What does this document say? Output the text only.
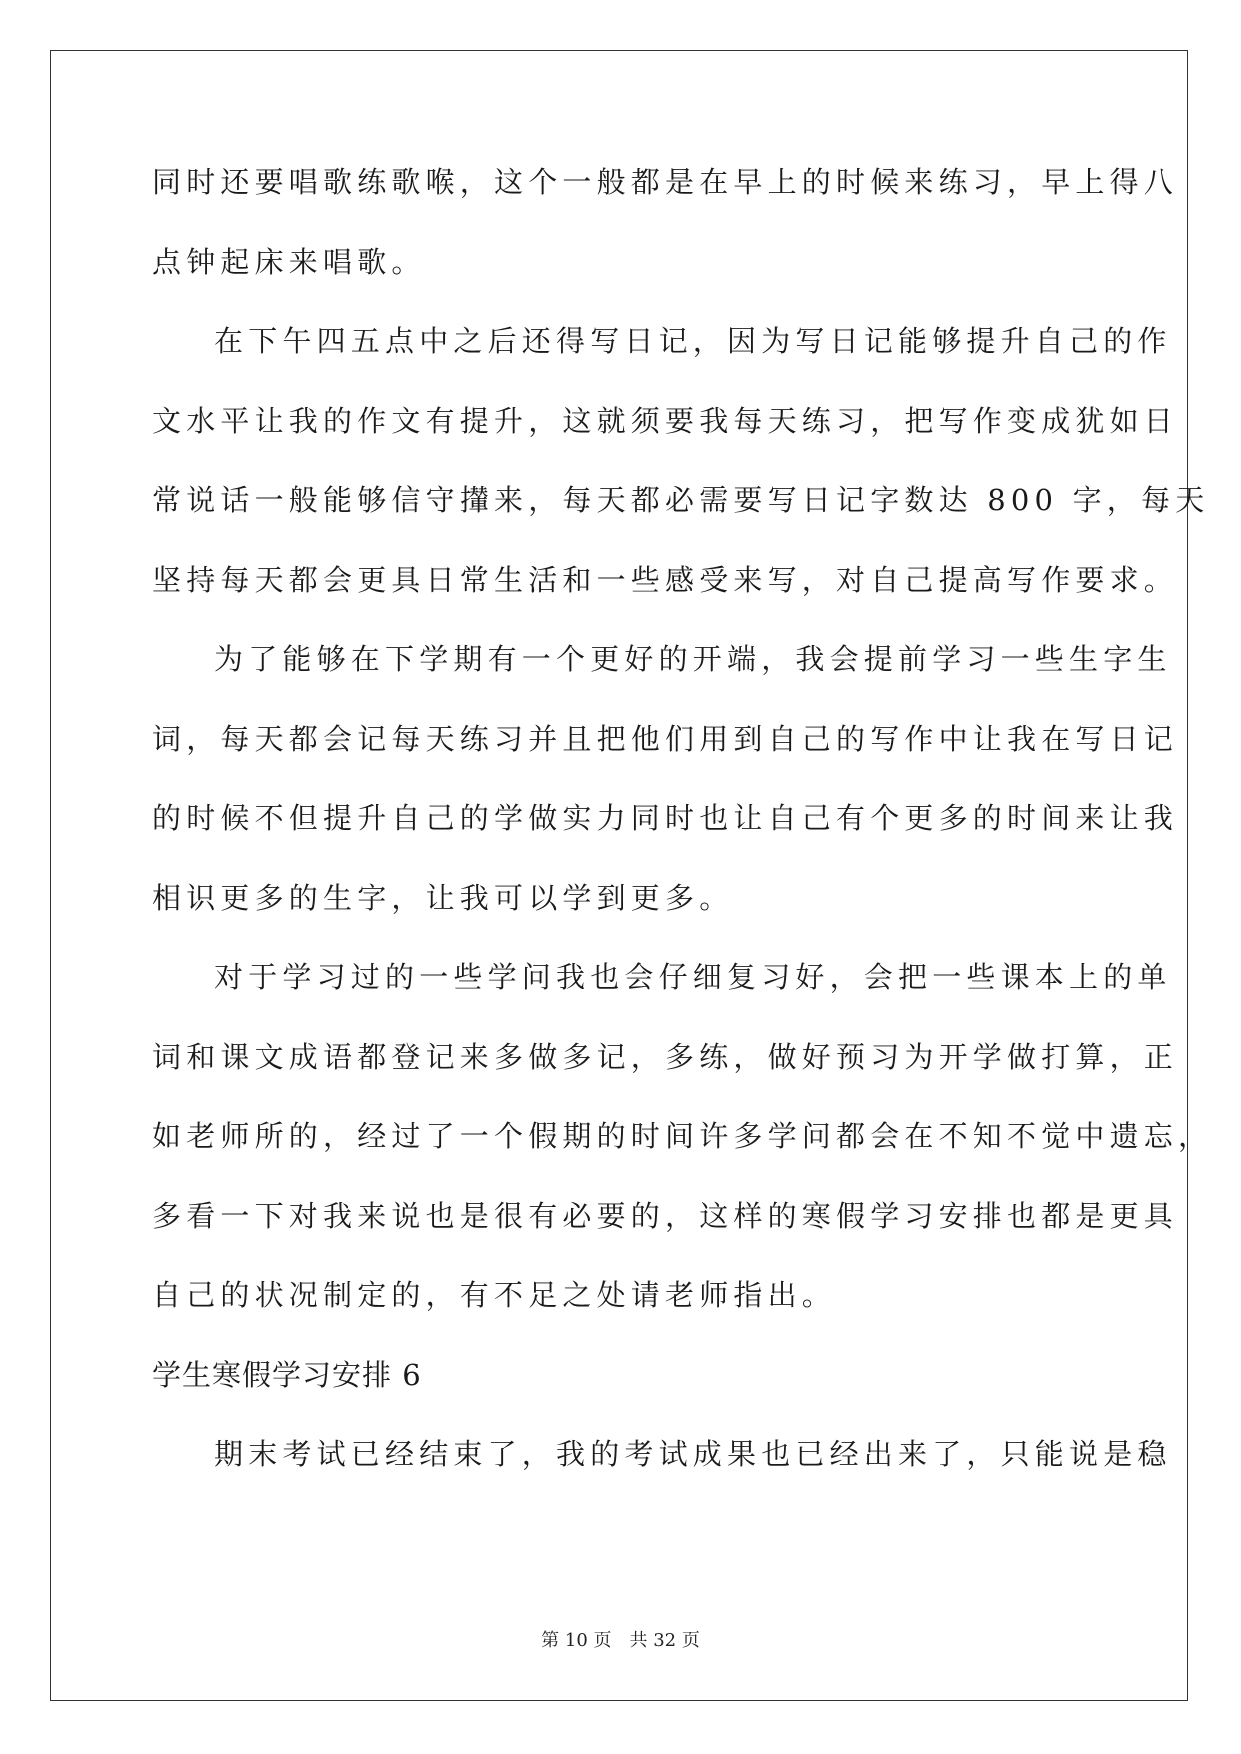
同时还要唱歌练歌喉，这个一般都是在早上的时候来练习，早上得八
点钟起床来唱歌。
在下午四五点中之后还得写日记，因为写日记能够提升自己的作
文水平让我的作文有提升，这就须要我每天练习，把写作变成犹如日
常说话一般能够信守攆来，每天都必需要写日记字数达 800 字，每天
坚持每天都会更具日常生活和一些感受来写，对自己提高写作要求。
为了能够在下学期有一个更好的开端，我会提前学习一些生字生
词，每天都会记每天练习并且把他们用到自己的写作中让我在写日记
的时候不但提升自己的学做实力同时也让自己有个更多的时间来让我
相识更多的生字，让我可以学到更多。
对于学习过的一些学问我也会仔细复习好，会把一些课本上的单
词和课文成语都登记来多做多记，多练，做好预习为开学做打算，正
如老师所的，经过了一个假期的时间许多学问都会在不知不觉中遗忘，
多看一下对我来说也是很有必要的，这样的寒假学习安排也都是更具
自己的状况制定的，有不足之处请老师指出。
学生寒假学习安排 6
期末考试已经结束了，我的考试成果也已经出来了，只能说是稳
第 10 页 共 32 页
